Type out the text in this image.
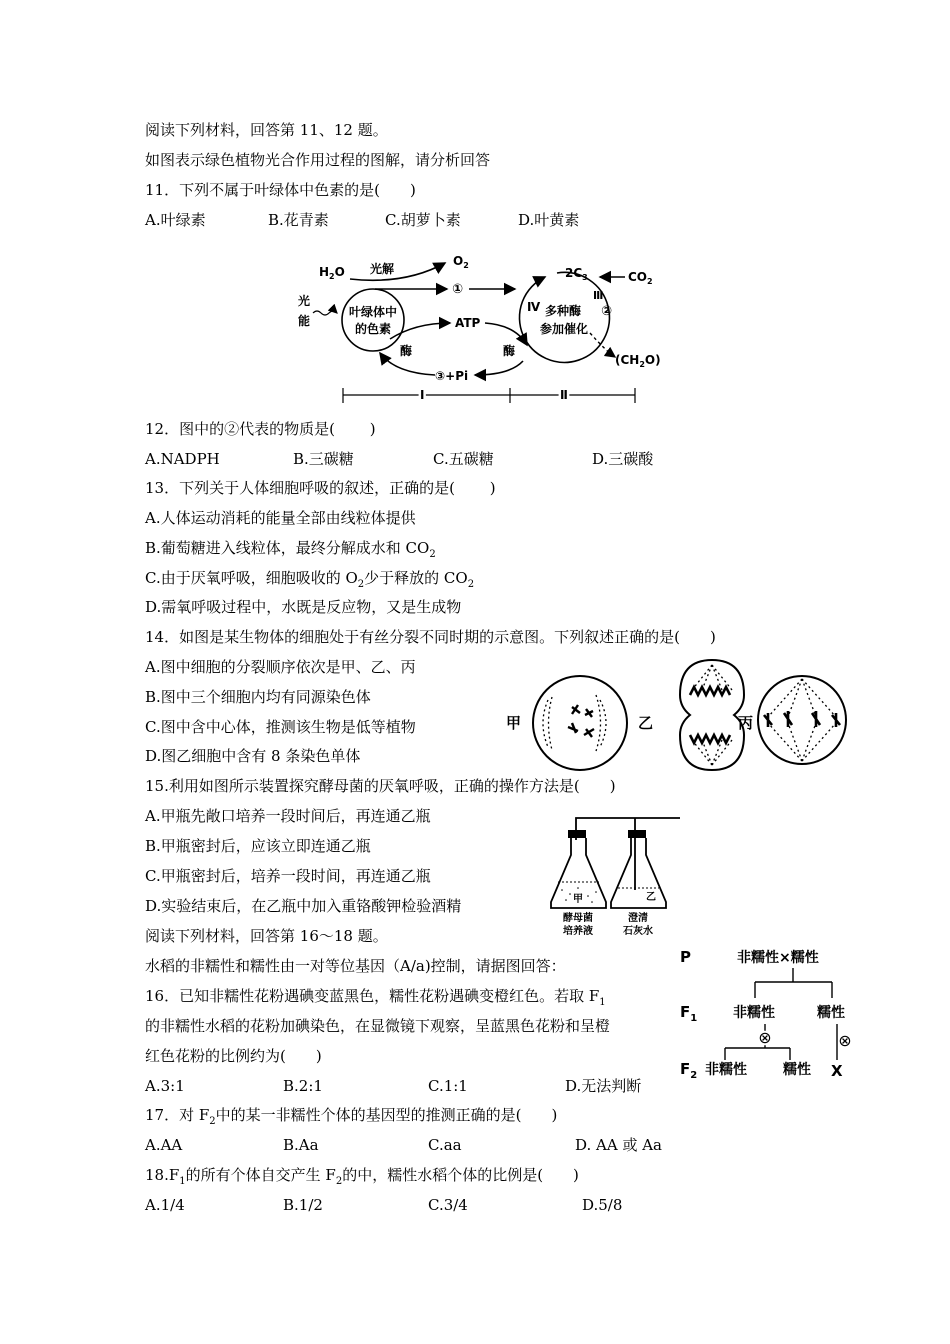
阅读下列材料，回答第 11、12 题。
如图表示绿色植物光合作用过程的图解，请分析回答
11．下列不属于叶绿体中色素的是(　　)
A.叶绿素	B.花青素	C.胡萝卜素	D.叶黄素
叶绿体中
的色素
$H_2O$ 光解
$O_2$
光
能
①
ATP
酶	酶
③+Pi
$2C_3$	$CO_2$
Ⅲ
②
Ⅳ 多种酶
参加催化
$(CH_2O)$
Ⅰ	Ⅱ
12．图中的②代表的物质是(　　 )
A.NADPH	B.三碳糖	C.五碳糖	D.三碳酸
13．下列关于人体细胞呼吸的叙述，正确的是(　　 )
A.人体运动消耗的能量全部由线粒体提供
B.葡萄糖进入线粒体，最终分解成水和 $CO_2$
C.由于厌氧呼吸，细胞吸收的 $O_2$少于释放的 $CO_2$
D.需氧呼吸过程中，水既是反应物，又是生成物
14．如图是某生物体的细胞处于有丝分裂不同时期的示意图。下列叙述正确的是(　　)
A.图中细胞的分裂顺序依次是甲、乙、丙
B.图中三个细胞内均有同源染色体
C.图中含中心体，推测该生物是低等植物
D.图乙细胞中含有 8 条染色单体
甲	乙	丙
15.利用如图所示装置探究酵母菌的厌氧呼吸，正确的操作方法是(　　)
A.甲瓶先敞口培养一段时间后，再连通乙瓶
B.甲瓶密封后，应该立即连通乙瓶
C.甲瓶密封后，培养一段时间，再连通乙瓶
D.实验结束后，在乙瓶中加入重铬酸钾检验酒精	甲	乙
酵母菌
培养液
澄清
石灰水
阅读下列材料，回答第 16～18 题。
水稻的非糯性和糯性由一对等位基因（A/a)控制，请据图回答：
16．已知非糯性花粉遇碘变蓝黑色，糯性花粉遇碘变橙红色。若取 $F_1$
的非糯性水稻的花粉加碘染色，在显微镜下观察，呈蓝黑色花粉和呈橙
红色花粉的比例约为(　　)
A.3:1	B.2:1	C.1:1	D.无法判断
P	非糯性×糯性
$F_1$	非糯性	糯性
⊗	⊗
$F_2$ 非糯性	糯性 X
17．对 $F_2$中的某一非糯性个体的基因型的推测正确的是(　　)
A.AA	B.Aa	C.aa	D. AA 或 Aa
$18.F_1$的所有个体自交产生 $F_2$的中，糯性水稻个体的比例是(　　)
A.1/4	B.1/2	C.3/4	D.5/8
